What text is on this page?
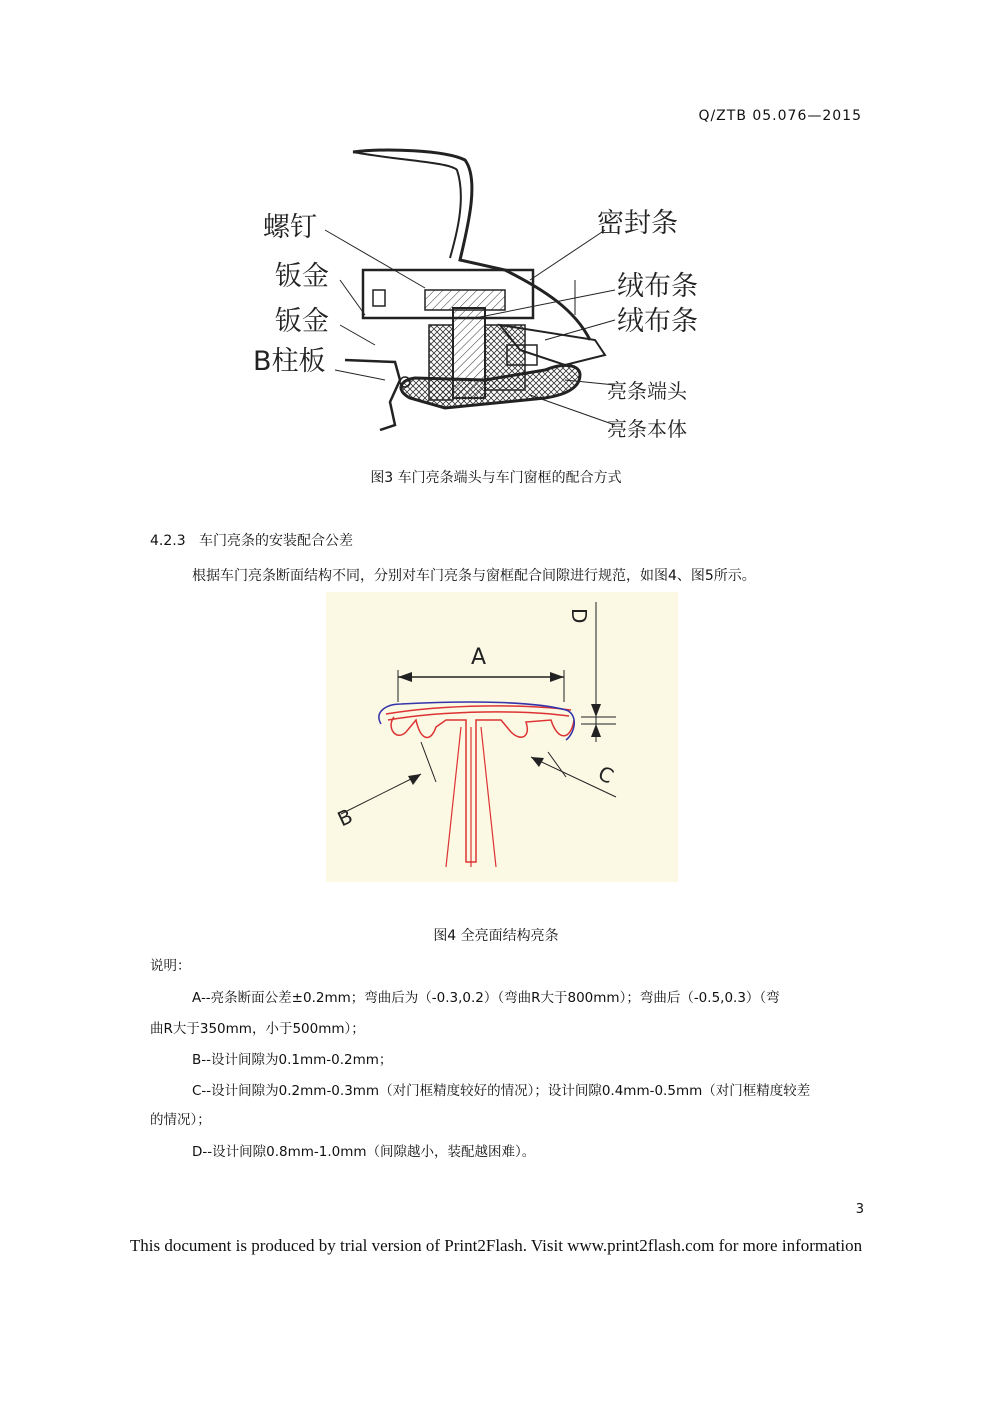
Q/ZTB 05.076—2015
螺钉
钣金
钣金
B柱板
密封条
绒布条
绒布条
亮条端头
亮条本体
图3 车门亮条端头与车门窗框的配合方式
4.2.3 车门亮条的安装配合公差
根据车门亮条断面结构不同，分别对车门亮条与窗框配合间隙进行规范，如图4、图5所示。
A
D
B
C
图4 全亮面结构亮条
说明：
A--亮条断面公差±0.2mm；弯曲后为（-0.3,0.2）（弯曲R大于800mm）；弯曲后（-0.5,0.3）（弯
曲R大于350mm，小于500mm）；
B--设计间隙为0.1mm-0.2mm；
C--设计间隙为0.2mm-0.3mm（对门框精度较好的情况）；设计间隙0.4mm-0.5mm（对门框精度较差
的情况）；
D--设计间隙0.8mm-1.0mm（间隙越小，装配越困难）。
3
This document is produced by trial version of Print2Flash. Visit www.print2flash.com for more information
